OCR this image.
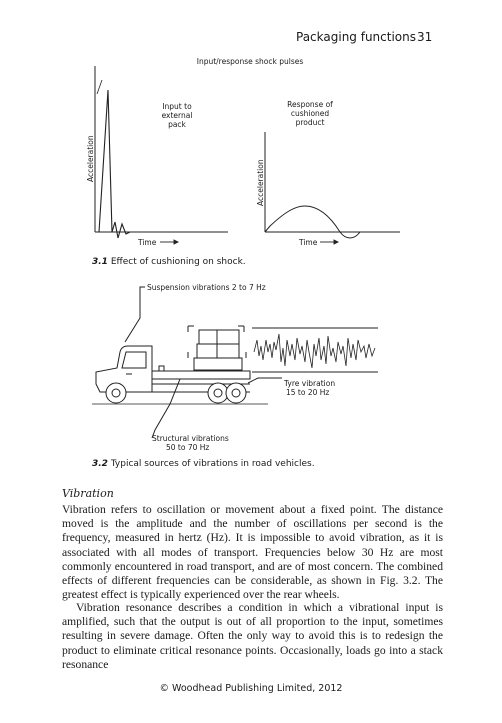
Packaging functions 31
Input/response shock pulses
Input to
external
pack
Response of
cushioned
product
Acceleration
Acceleration
Time	Time
3.1 Effect of cushioning on shock.
Suspension vibrations 2 to 7 Hz
Tyre vibration
15 to 20 Hz
Structural vibrations
50 to 70 Hz
3.2 Typical sources of vibrations in road vehicles.
Vibration
Vibration refers to oscillation or movement about a fixed point. The distance moved is the amplitude and the number of oscillations per second is the frequency, measured in hertz (Hz). It is impossible to avoid vibration, as it is associated with all modes of transport. Frequencies below 30 Hz are most commonly encountered in road transport, and are of most concern. The combined effects of different frequencies can be considerable, as shown in Fig. 3.2. The greatest effect is typically experienced over the rear wheels.
Vibration resonance describes a condition in which a vibrational input is amplified, such that the output is out of all proportion to the input, sometimes resulting in severe damage. Often the only way to avoid this is to redesign the product to eliminate critical resonance points. Occasionally, loads go into a stack resonance
© Woodhead Publishing Limited, 2012
